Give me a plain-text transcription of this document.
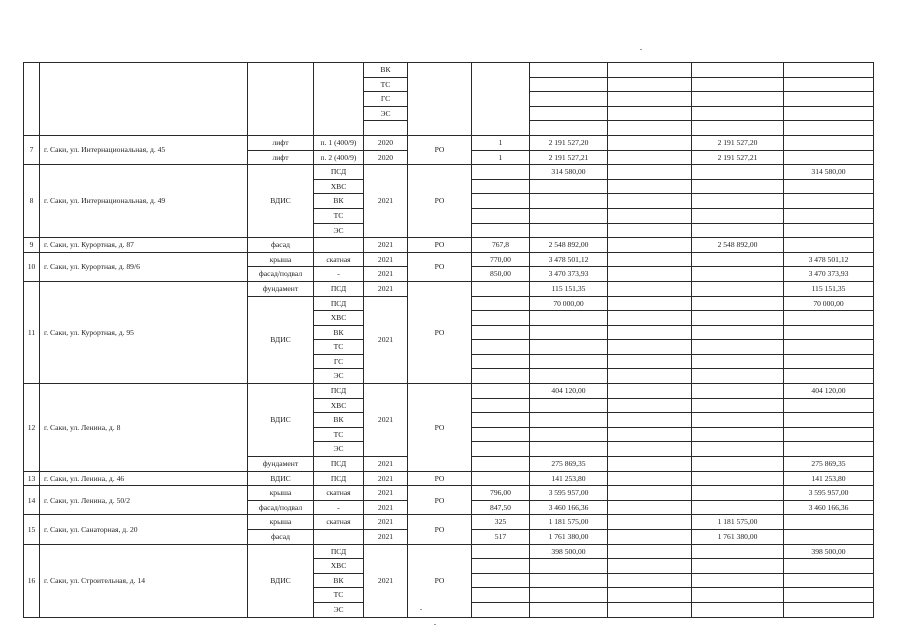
				ВК							
				ТС							
				ГС							
				ЭС							

7	г. Саки, ул. Интернациональная, д. 45	лифт	п. 1 (400/9)	2020	РО	1	2 191 527,20		2 191 527,20		
		лифт	п. 2 (400/9)	2020		1	2 191 527,21		2 191 527,21		
8	г. Саки, ул. Интернациональная, д. 49	ВДИС	ПСД	2021	РО		314 580,00			314 580,00	
			ХВС								
			ВК								
			ТС								
			ЭС								
9	г. Саки, ул. Курортная, д. 87	фасад		2021	РО	767,8	2 548 892,00		2 548 892,00		
10	г. Саки, ул. Курортная, д. 89/6	крыша	скатная	2021	РО	770,00	3 478 501,12			3 478 501,12	
		фасад/подвал	-	2021		850,00	3 470 373,93			3 470 373,93	
11	г. Саки, ул. Курортная, д. 95	фундамент	ПСД	2021	РО		115 151,35			115 151,35	
		ВДИС	ПСД	2021			70 000,00			70 000,00	
			ХВС								
			ВК								
			ТС								
			ГС								
			ЭС								
12	г. Саки, ул. Ленина, д. 8	ВДИС	ПСД	2021	РО		404 120,00			404 120,00	
			ХВС								
			ВК								
			ТС								
			ЭС								
		фундамент	ПСД	2021			275 869,35			275 869,35	
13	г. Саки, ул. Ленина, д. 46	ВДИС	ПСД	2021	РО		141 253,80			141 253,80	
14	г. Саки, ул. Ленина, д. 50/2	крыша	скатная	2021	РО	796,00	3 595 957,00			3 595 957,00	
		фасад/подвал	-	2021		847,50	3 460 166,36			3 460 166,36	
15	г. Саки, ул. Санаторная, д. 20	крыша	скатная	2021	РО	325	1 181 575,00		1 181 575,00		
		фасад		2021		517	1 761 380,00		1 761 380,00		
16	г. Саки, ул. Строительная, д. 14	ВДИС	ПСД	2021	РО		398 500,00			398 500,00	
			ХВС								
			ВК								
			ТС								
			ЭС								
